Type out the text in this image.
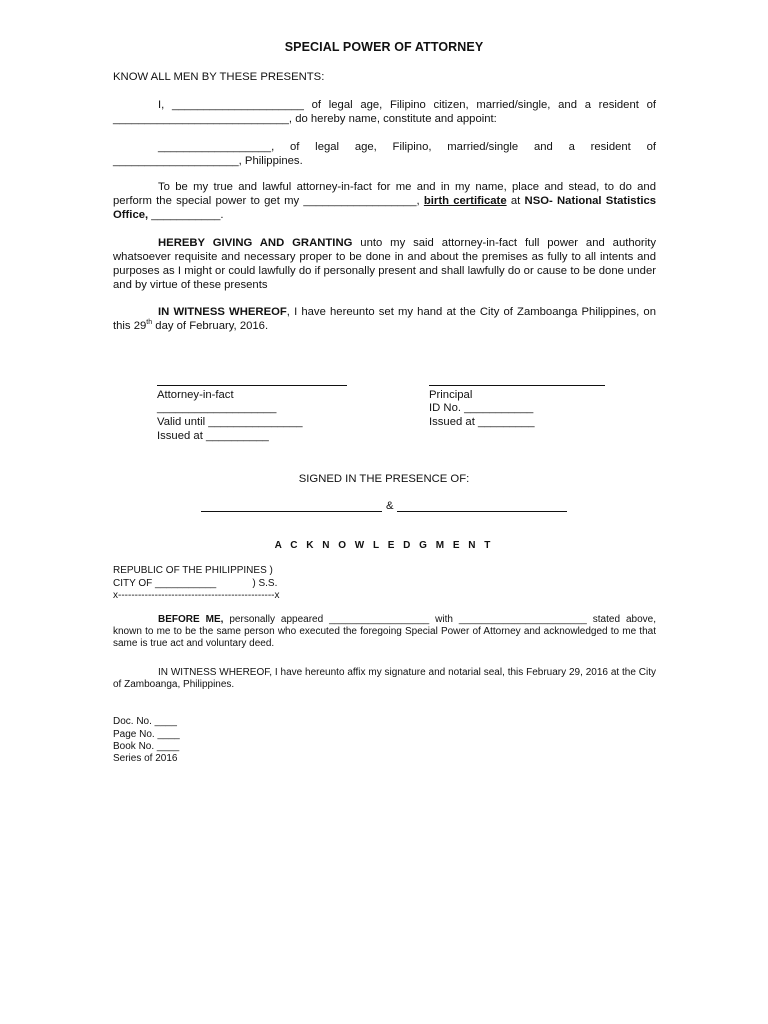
SPECIAL POWER OF ATTORNEY
KNOW ALL MEN BY THESE PRESENTS:
I, _____________________ of legal age, Filipino citizen, married/single, and a resident of ____________________________, do hereby name, constitute and appoint:
__________________, of legal age, Filipino, married/single and a resident of ____________________, Philippines.
To be my true and lawful attorney-in-fact for me and in my name, place and stead, to do and perform the special power to get my __________________, birth certificate at NSO- National Statistics Office, ___________.
HEREBY GIVING AND GRANTING unto my said attorney-in-fact full power and authority whatsoever requisite and necessary proper to be done in and about the premises as fully to all intents and purposes as I might or could lawfully do if personally present and shall lawfully do or cause to be done under and by virtue of these presents
IN WITNESS WHEREOF, I have hereunto set my hand at the City of Zamboanga Philippines, on this 29th day of February, 2016.
Attorney-in-fact
___________________
Valid until _______________
Issued at __________
Principal
ID No. ___________
Issued at _________
SIGNED IN THE PRESENCE OF:
&
A C K N O W L E D G M E N T
REPUBLIC OF THE PHILIPPINES )
CITY OF ___________             ) S.S.
x-----------------------------------------------x
BEFORE ME, personally appeared __________________ with _______________________ stated above, known to me to be the same person who executed the foregoing Special Power of Attorney and acknowledged to me that same is true act and voluntary deed.
IN WITNESS WHEREOF, I have hereunto affix my signature and notarial seal, this February 29, 2016 at the City of Zamboanga, Philippines.
Doc. No. ____
Page No. ____
Book No. ____
Series of 2016
